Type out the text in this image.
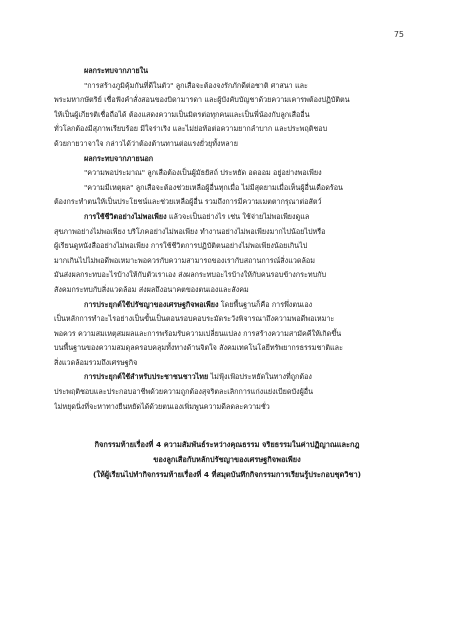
75

ผลกระทบจากภายใน

"การสร้างภูมิคุ้มกันที่ดีในตัว" ลูกเสือจะต้องจงรักภักดีต่อชาติ ศาสนา และ
พระมหากษัตริย์ เชื่อฟังคำสั่งสอนของบิดามารดา และผู้บังคับบัญชาด้วยความเคารพต้องปฏิบัติตน
ให้เป็นผู้เกียรติเชื่อถือได้ ต้องแสดงความเป็นมิตรต่อทุกคนและเป็นพี่น้องกับลูกเสืออื่น
ทั่วโลกต้องมีสุภาพเรียบร้อย มีใจร่าเริง และไม่ย่อท้อต่อความยากลำบาก และประพฤติชอบ
ด้วยกายวาจาใจ กล่าวได้ว่าต้องต้านทานต่อแรงยั่วยุทั้งหลาย

ผลกระทบจากภายนอก

"ความพอประมาณ" ลูกเสือต้องเป็นผู้มัธยัสถ์ ประหยัด อดออม อยู่อย่างพอเพียง

"ความมีเหตุผล" ลูกเสือจะต้องช่วยเหลือผู้อื่นทุกเมื่อ ไม่มีสุดยามเมื่อเห็นผู้อื่นเดือดร้อน
ต้องกระทำตนให้เป็นประโยชน์และช่วยเหลือผู้อื่น รวมถึงการมีความเมตตากรุณาต่อสัตว์

การใช้ชีวิตอย่างไม่พอเพียง แล้วจะเป็นอย่างไร เช่น ใช้จ่ายไม่พอเพียงดูแล
สุขภาพอย่างไม่พอเพียง บริโภคอย่างไม่พอเพียง ทำงานอย่างไม่พอเพียงมากไปน้อยไปหรือ
ผู้เรียนดูหนังสืออย่างไม่พอเพียง การใช้ชีวิตการปฏิบัติตนอย่างไม่พอเพียงน้อยเกินไป
มากเกินไปไม่พอดีพอเหมาะพอควรกับความสามารถของเรากับสถานการณ์สิ่งแวดล้อม
มันส่งผลกระทบอะไรบ้างให้กับตัวเราเอง ส่งผลกระทบอะไรบ้างให้กับคนรอบข้างกระทบกับ
สังคมกระทบกับสิ่งแวดล้อม ส่งผลถึงอนาคตของตนเองและสังคม

การประยุกต์ใช้ปรัชญาของเศรษฐกิจพอเพียง โดยพื้นฐานก็คือ การพึ่งตนเอง
เป็นหลักการทำอะไรอย่างเป็นขั้นเป็นตอนรอบคอบระมัดระวังพิจารณาถึงความพอดีพอเหมาะ
พอควร ความสมเหตุสมผลและการพร้อมรับความเปลี่ยนแปลง การสร้างความสามัคคีให้เกิดขึ้น
บนพื้นฐานของความสมดุลครอบคลุมทั้งทางด้านจิตใจ สังคมเทคโนโลยีทรัพยากรธรรมชาติและ
สิ่งแวดล้อมรวมถึงเศรษฐกิจ

การประยุกต์ใช้สำหรับประชาชนชาวไทย ไม่ฟุ้งเฟ้อประหยัดในทางที่ถูกต้อง
ประพฤติชอบและประกอบอาชีพด้วยความถูกต้องสุจริตละเลิกการแก่งแย่งเบียดบังผู้อื่น
ไม่หยุดนิ่งที่จะหาทางยืนหยัดได้ด้วยตนเองเพิ่มพูนความดีลดละความชั่ว

กิจกรรมท้ายเรื่องที่ 4 ความสัมพันธ์ระหว่างคุณธรรม จริยธรรมในค่าปฏิญาณและกฎ
ของลูกเสือกับหลักปรัชญาของเศรษฐกิจพอเพียง
(ให้ผู้เรียนไปทำกิจกรรมท้ายเรื่องที่ 4 ที่สมุดบันทึกกิจกรรมการเรียนรู้ประกอบชุดวิชา)
